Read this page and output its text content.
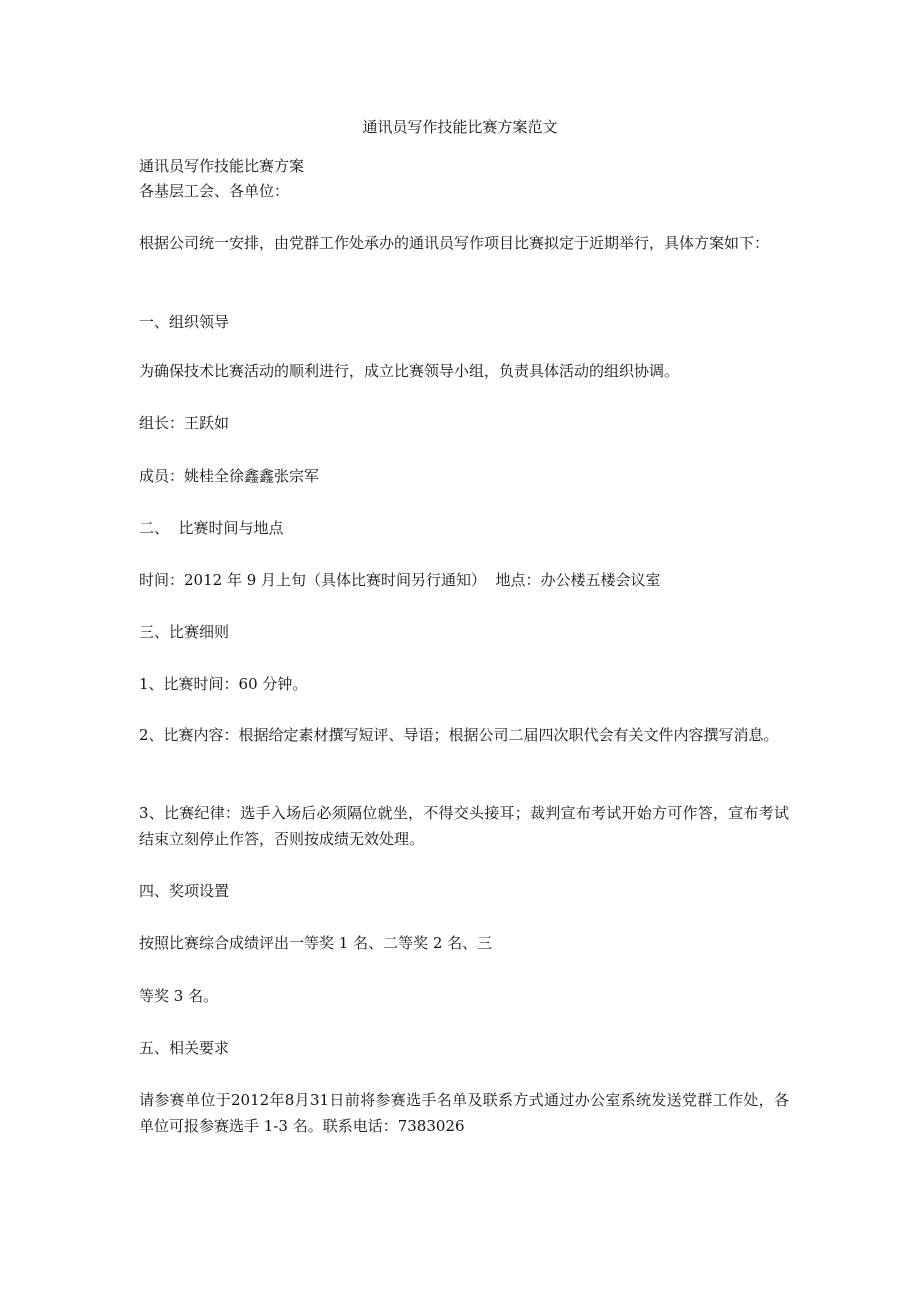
通讯员写作技能比赛方案范文

通讯员写作技能比赛方案

各基层工会、各单位：

根据公司统一安排，由党群工作处承办的通讯员写作项目比赛拟定于近期举行，具体方案如下：

一、组织领导

为确保技术比赛活动的顺利进行，成立比赛领导小组，负责具体活动的组织协调。

组长：王跃如

成员：姚桂全徐鑫鑫张宗军

二、  比赛时间与地点

时间：2012 年 9 月上旬（具体比赛时间另行通知）  地点：办公楼五楼会议室

三、比赛细则

1、比赛时间：60 分钟。

2、比赛内容：根据给定素材撰写短评、导语；根据公司二届四次职代会有关文件内容撰写消息。

3、比赛纪律：选手入场后必须隔位就坐，不得交头接耳；裁判宣布考试开始方可作答，宣布考试结束立刻停止作答，否则按成绩无效处理。

四、奖项设置

按照比赛综合成绩评出一等奖 1 名、二等奖 2 名、三

等奖 3 名。

五、相关要求

请参赛单位于2012年8月31日前将参赛选手名单及联系方式通过办公室系统发送党群工作处，各单位可报参赛选手 1-3 名。联系电话：7383026
